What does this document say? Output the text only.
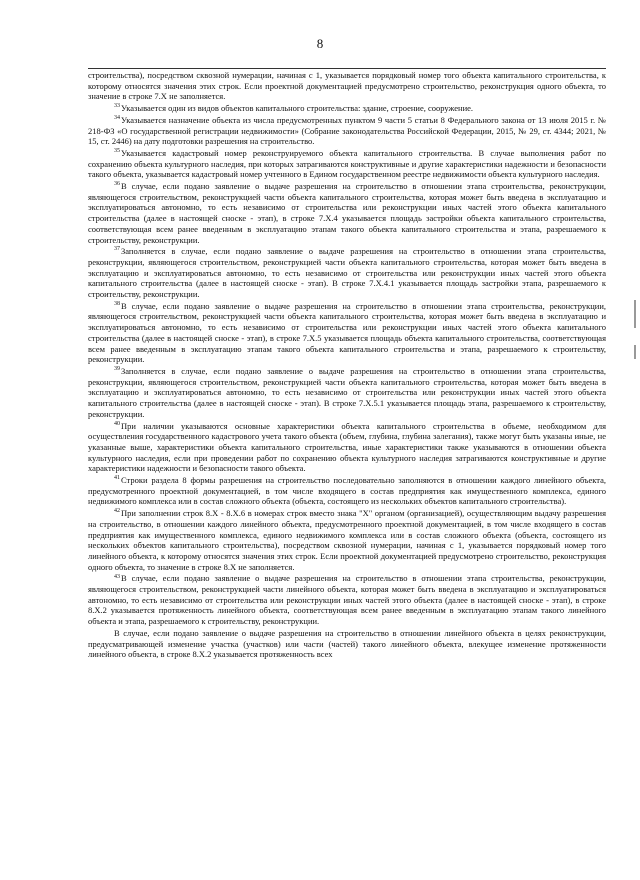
8

строительства), посредством сквозной нумерации, начиная с 1, указывается порядковый номер того объекта капитального строительства, к которому относятся значения этих строк. Если проектной документацией предусмотрено строительство, реконструкция одного объекта, то значение в строке 7.Х не заполняется.

$^{33}$Указывается один из видов объектов капитального строительства: здание, строение, сооружение.

$^{34}$Указывается назначение объекта из числа предусмотренных пунктом 9 части 5 статьи 8 Федерального закона от 13 июля 2015 г. № 218-ФЗ «О государственной регистрации недвижимости» (Собрание законодательства Российской Федерации, 2015, № 29, ст. 4344; 2021, № 15, ст. 2446) на дату подготовки разрешения на строительство.

$^{35}$Указывается кадастровый номер реконструируемого объекта капитального строительства. В случае выполнения работ по сохранению объекта культурного наследия, при которых затрагиваются конструктивные и другие характеристики надежности и безопасности такого объекта, указывается кадастровый номер учтенного в Едином государственном реестре недвижимости объекта культурного наследия.

$^{36}$В случае, если подано заявление о выдаче разрешения на строительство в отношении этапа строительства, реконструкции, являющегося строительством, реконструкцией части объекта капитального строительства, которая может быть введена в эксплуатацию и эксплуатироваться автономно, то есть независимо от строительства или реконструкции иных частей этого объекта капитального строительства (далее в настоящей сноске - этап), в строке 7.Х.4 указывается площадь застройки объекта капитального строительства, соответствующая всем ранее введенным в эксплуатацию этапам такого объекта капитального строительства и этапа, разрешаемого к строительству, реконструкции.

$^{37}$Заполняется в случае, если подано заявление о выдаче разрешения на строительство в отношении этапа строительства, реконструкции, являющегося строительством, реконструкцией части объекта капитального строительства, которая может быть введена в эксплуатацию и эксплуатироваться автономно, то есть независимо от строительства или реконструкции иных частей этого объекта капитального строительства (далее в настоящей сноске - этап). В строке 7.Х.4.1 указывается площадь застройки этапа, разрешаемого к строительству, реконструкции.

$^{38}$В случае, если подано заявление о выдаче разрешения на строительство в отношении этапа строительства, реконструкции, являющегося строительством, реконструкцией части объекта капитального строительства, которая может быть введена в эксплуатацию и эксплуатироваться автономно, то есть независимо от строительства или реконструкции иных частей этого объекта капитального строительства (далее в настоящей сноске - этап), в строке 7.Х.5 указывается площадь объекта капитального строительства, соответствующая всем ранее введенным в эксплуатацию этапам такого объекта капитального строительства и этапа, разрешаемого к строительству, реконструкции.

$^{39}$Заполняется в случае, если подано заявление о выдаче разрешения на строительство в отношении этапа строительства, реконструкции, являющегося строительством, реконструкцией части объекта капитального строительства, которая может быть введена в эксплуатацию и эксплуатироваться автономно, то есть независимо от строительства или реконструкции иных частей этого объекта капитального строительства (далее в настоящей сноске - этап). В строке 7.Х.5.1 указывается площадь этапа, разрешаемого к строительству, реконструкции.

$^{40}$При наличии указываются основные характеристики объекта капитального строительства в объеме, необходимом для осуществления государственного кадастрового учета такого объекта (объем, глубина, глубина залегания), также могут быть указаны иные, не указанные выше, характеристики объекта капитального строительства, иные характеристики также указываются в отношении объекта культурного наследия, если при проведении работ по сохранению объекта культурного наследия затрагиваются конструктивные и другие характеристики надежности и безопасности такого объекта.

$^{41}$Строки раздела 8 формы разрешения на строительство последовательно заполняются в отношении каждого линейного объекта, предусмотренного проектной документацией, в том числе входящего в состав предприятия как имущественного комплекса, единого недвижимого комплекса или в состав сложного объекта (объекта, состоящего из нескольких объектов капитального строительства).

$^{42}$При заполнении строк 8.Х - 8.Х.6 в номерах строк вместо знака "Х" органом (организацией), осуществляющим выдачу разрешения на строительство, в отношении каждого линейного объекта, предусмотренного проектной документацией, в том числе входящего в состав предприятия как имущественного комплекса, единого недвижимого комплекса или в состав сложного объекта (объекта, состоящего из нескольких объектов капитального строительства), посредством сквозной нумерации, начиная с 1, указывается порядковый номер того линейного объекта, к которому относятся значения этих строк. Если проектной документацией предусмотрено строительство, реконструкция одного объекта, то значение в строке 8.Х не заполняется.

$^{43}$В случае, если подано заявление о выдаче разрешения на строительство в отношении этапа строительства, реконструкции, являющегося строительством, реконструкцией части линейного объекта, которая может быть введена в эксплуатацию и эксплуатироваться автономно, то есть независимо от строительства или реконструкции иных частей этого объекта (далее в настоящей сноске - этап), в строке 8.Х.2 указывается протяженность линейного объекта, соответствующая всем ранее введенным в эксплуатацию этапам такого линейного объекта и этапа, разрешаемого к строительству, реконструкции.

В случае, если подано заявление о выдаче разрешения на строительство в отношении линейного объекта в целях реконструкции, предусматривающей изменение участка (участков) или части (частей) такого линейного объекта, влекущее изменение протяженности линейного объекта, в строке 8.Х.2 указывается протяженность всех
